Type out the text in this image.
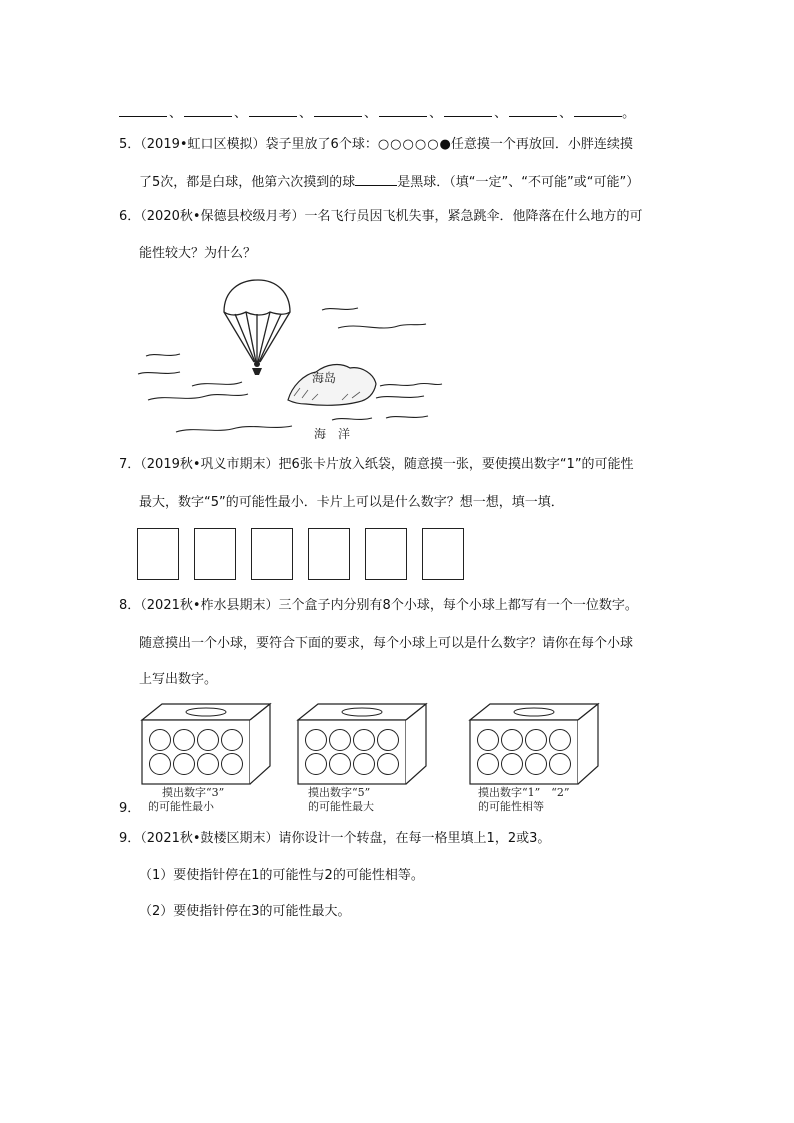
、	、	、	、	、	、	、	。
5．（2019•虹口区模拟）袋子里放了6个球：○○○○○●任意摸一个再放回．小胖连续摸
了5次，都是白球，他第六次摸到的球	是黑球．（填“一定”、“不可能”或“可能”）
6．（2020秋•保德县校级月考）一名飞行员因飞机失事，紧急跳伞．他降落在什么地方的可
能性较大？为什么？
海岛
海　洋
7．（2019秋•巩义市期末）把6张卡片放入纸袋，随意摸一张，要使摸出数字“1”的可能性
最大，数字“5”的可能性最小．卡片上可以是什么数字？想一想，填一填．
8．（2021秋•柞水县期末）三个盒子内分别有8个小球，每个小球上都写有一个一位数字。
随意摸出一个小球，要符合下面的要求，每个小球上可以是什么数字？请你在每个小球
上写出数字。
摸出数字“3”
的可能性最小
摸出数字“5”
的可能性最大
摸出数字“1”　“2”
的可能性相等
9．
9．（2021秋•鼓楼区期末）请你设计一个转盘，在每一格里填上1，2或3。
（1）要使指针停在1的可能性与2的可能性相等。
（2）要使指针停在3的可能性最大。
